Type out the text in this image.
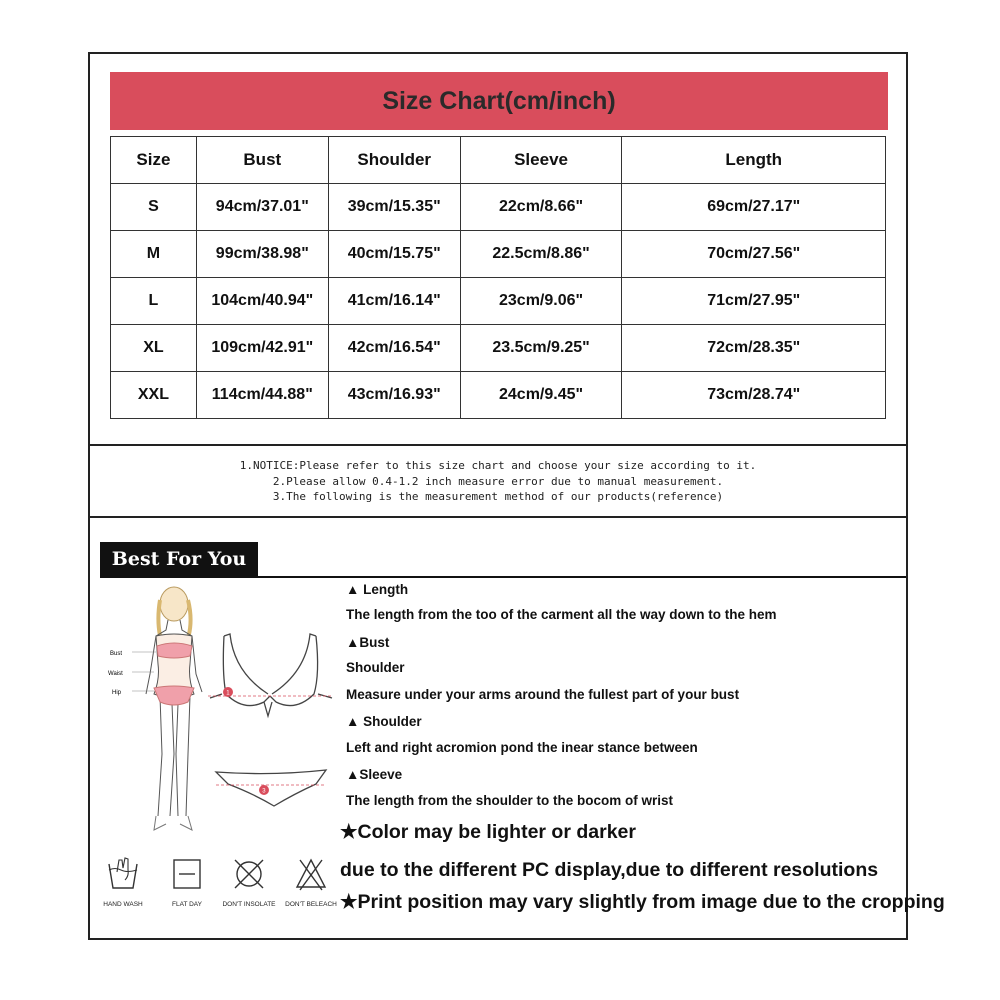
Size Chart(cm/inch)
Size	Bust	Shoulder	Sleeve	Length
S	94cm/37.01"	39cm/15.35"	22cm/8.66"	69cm/27.17"
M	99cm/38.98"	40cm/15.75"	22.5cm/8.86"	70cm/27.56"
L	104cm/40.94"	41cm/16.14"	23cm/9.06"	71cm/27.95"
XL	109cm/42.91"	42cm/16.54"	23.5cm/9.25"	72cm/28.35"
XXL	114cm/44.88"	43cm/16.93"	24cm/9.45"	73cm/28.74"
1.NOTICE:Please refer to this size chart and choose your size according to it.
2.Please allow 0.4-1.2 inch measure error due to manual measurement.
3.The following is the measurement method of our products(reference)
Best For You
Bust
Waist
Hip	1
3
▲ Length
The length from the too of the carment all the way down to the hem
▲Bust
Shoulder
Measure under your arms around the fullest part of your bust
▲ Shoulder
Left and right acromion pond the inear stance between
▲Sleeve
The length from the shoulder to the bocom of wrist
★Color may be lighter or darker
due to the different PC display,due to different resolutions
★Print position may vary slightly from image due to the cropping
HAND WASH	FLAT DAY	DON'T INSOLATE	DON'T BELEACH
